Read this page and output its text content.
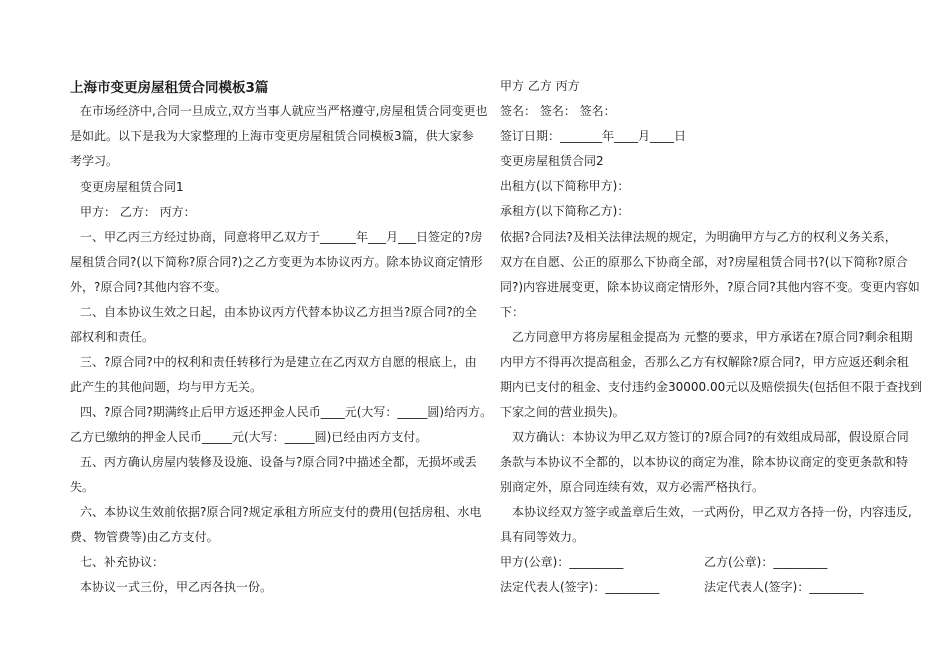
上海市变更房屋租赁合同模板3篇
在市场经济中,合同一旦成立,双方当事人就应当严格遵守,房屋租赁合同变更也
是如此。以下是我为大家整理的上海市变更房屋租赁合同模板3篇，供大家参
考学习。
变更房屋租赁合同1
甲方： 乙方： 丙方：
一、甲乙丙三方经过协商，同意将甲乙双方于______年___月___日签定的?房
屋租赁合同?(以下简称?原合同?)之乙方变更为本协议丙方。除本协议商定情形
外，?原合同?其他内容不变。
二、自本协议生效之日起，由本协议丙方代替本协议乙方担当?原合同?的全
部权利和责任。
三、?原合同?中的权利和责任转移行为是建立在乙丙双方自愿的根底上，由
此产生的其他问题，均与甲方无关。
四、?原合同?期满终止后甲方返还押金人民币____元(大写：_____圆)给丙方。
乙方已缴纳的押金人民币_____元(大写：_____圆)已经由丙方支付。
五、丙方确认房屋内装修及设施、设备与?原合同?中描述全都，无损坏或丢
失。
六、本协议生效前依据?原合同?规定承租方所应支付的费用(包括房租、水电
费、物管费等)由乙方支付。
七、补充协议：
本协议一式三份，甲乙丙各执一份。
甲方 乙方 丙方
签名： 签名： 签名：
签订日期：_______年____月____日
变更房屋租赁合同2
出租方(以下简称甲方)：
承租方(以下简称乙方)：
依据?合同法?及相关法律法规的规定，为明确甲方与乙方的权利义务关系，
双方在自愿、公正的原那么下协商全部，对?房屋租赁合同书?(以下简称?原合
同?)内容进展变更，除本协议商定情形外，?原合同?其他内容不变。变更内容如
下：
乙方同意甲方将房屋租金提高为 元整的要求，甲方承诺在?原合同?剩余租期
内甲方不得再次提高租金，否那么乙方有权解除?原合同?，甲方应返还剩余租
期内已支付的租金、支付违约金30000.00元以及赔偿损失(包括但不限于查找到
下家之间的营业损失)。
双方确认：本协议为甲乙双方签订的?原合同?的有效组成局部，假设原合同
条款与本协议不全都的，以本协议的商定为准，除本协议商定的变更条款和特
别商定外，原合同连续有效，双方必需严格执行。
本协议经双方签字或盖章后生效，一式两份，甲乙双方各持一份，内容违反,
具有同等效力。
甲方(公章)：_________	乙方(公章)：_________
法定代表人(签字)：_________	法定代表人(签字)：_________
